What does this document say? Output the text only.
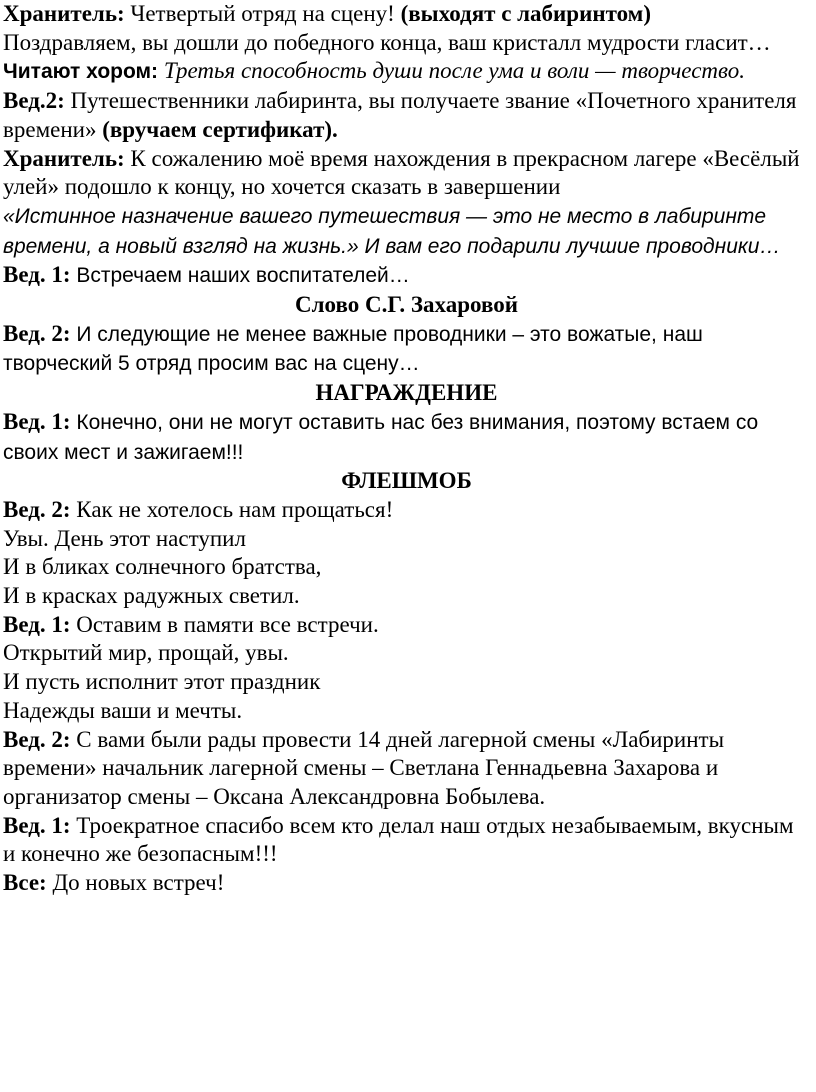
Хранитель: Четвертый отряд на сцену! (выходят с лабиринтом)
Поздравляем, вы дошли до победного конца, ваш кристалл мудрости гласит…

Читают хором: Третья способность души после ума и воли — творчество.

Вед.2: Путешественники лабиринта, вы получаете звание «Почетного хранителя времени» (вручаем сертификат).

Хранитель: К сожалению моё время нахождения в прекрасном лагере «Весёлый улей» подошло к концу, но хочется сказать в завершении
«Истинное назначение вашего путешествия — это не место в лабиринте времени, а новый взгляд на жизнь.» И вам его подарили лучшие проводники…

Вед. 1: Встречаем наших воспитателей…

Слово С.Г. Захаровой

Вед. 2: И следующие не менее важные проводники – это вожатые, наш творческий 5 отряд просим вас на сцену…

НАГРАЖДЕНИЕ

Вед. 1: Конечно, они не могут оставить нас без внимания, поэтому встаем со своих мест и зажигаем!!!

ФЛЕШМОБ

Вед. 2: Как не хотелось нам прощаться!
Увы. День этот наступил
И в бликах солнечного братства,
И в красках радужных светил.

Вед. 1: Оставим в памяти все встречи.
Открытий мир, прощай, увы.
И пусть исполнит этот праздник
Надежды ваши и мечты.

Вед. 2: С вами были рады провести 14 дней лагерной смены «Лабиринты времени» начальник лагерной смены – Светлана Геннадьевна Захарова и организатор смены – Оксана Александровна Бобылева.

Вед. 1: Троекратное спасибо всем кто делал наш отдых незабываемым, вкусным и конечно же безопасным!!!

Все: До новых встреч!
